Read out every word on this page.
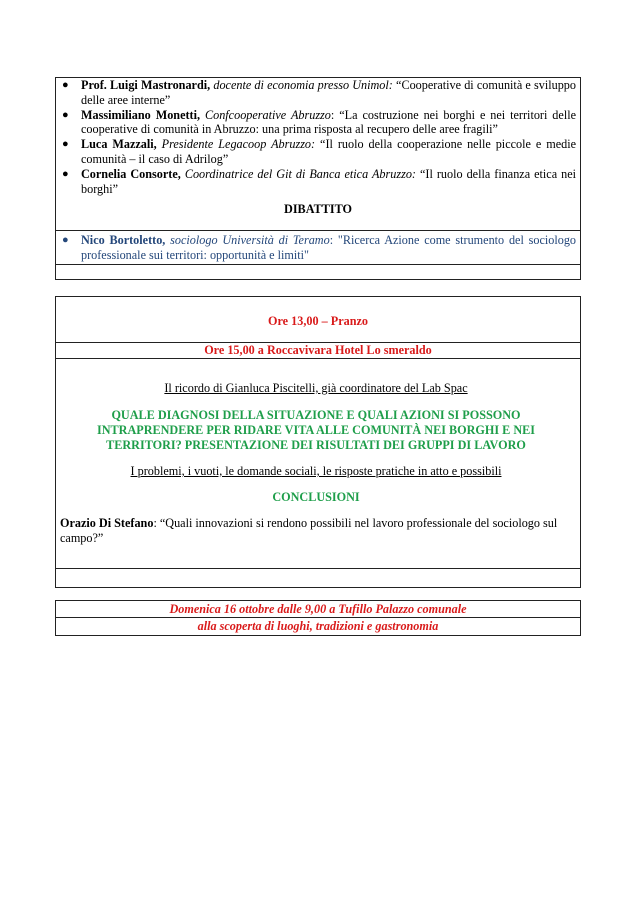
● Prof. Luigi Mastronardi, docente di economia presso Unimol: “Cooperative di comunità e sviluppo delle aree interne”
● Massimiliano Monetti, Confcooperative Abruzzo: “La costruzione nei borghi e nei territori delle cooperative di comunità in Abruzzo: una prima risposta al recupero delle aree fragili”
● Luca Mazzali, Presidente Legacoop Abruzzo: “Il ruolo della cooperazione nelle piccole e medie comunità – il caso di Adrilog”
● Cornelia Consorte, Coordinatrice del Git di Banca etica Abruzzo: “Il ruolo della finanza etica nei borghi”
DIBATTITO
● Nico Bortoletto, sociologo Università di Teramo: "Ricerca Azione come strumento del sociologo professionale sui territori: opportunità e limiti"
Ore 13,00 – Pranzo
Ore 15,00 a Roccavivara Hotel Lo smeraldo
Il ricordo di Gianluca Piscitelli, già coordinatore del Lab Spac
QUALE DIAGNOSI DELLA SITUAZIONE E QUALI AZIONI SI POSSONO INTRAPRENDERE PER RIDARE VITA ALLE COMUNITÀ NEI BORGHI E NEI TERRITORI? PRESENTAZIONE DEI RISULTATI DEI GRUPPI DI LAVORO
I problemi, i vuoti, le domande sociali, le risposte pratiche in atto e possibili
CONCLUSIONI
Orazio Di Stefano: “Quali innovazioni si rendono possibili nel lavoro professionale del sociologo sul campo?”
Domenica 16 ottobre dalle 9,00 a Tufillo Palazzo comunale
alla scoperta di luoghi, tradizioni e gastronomia
